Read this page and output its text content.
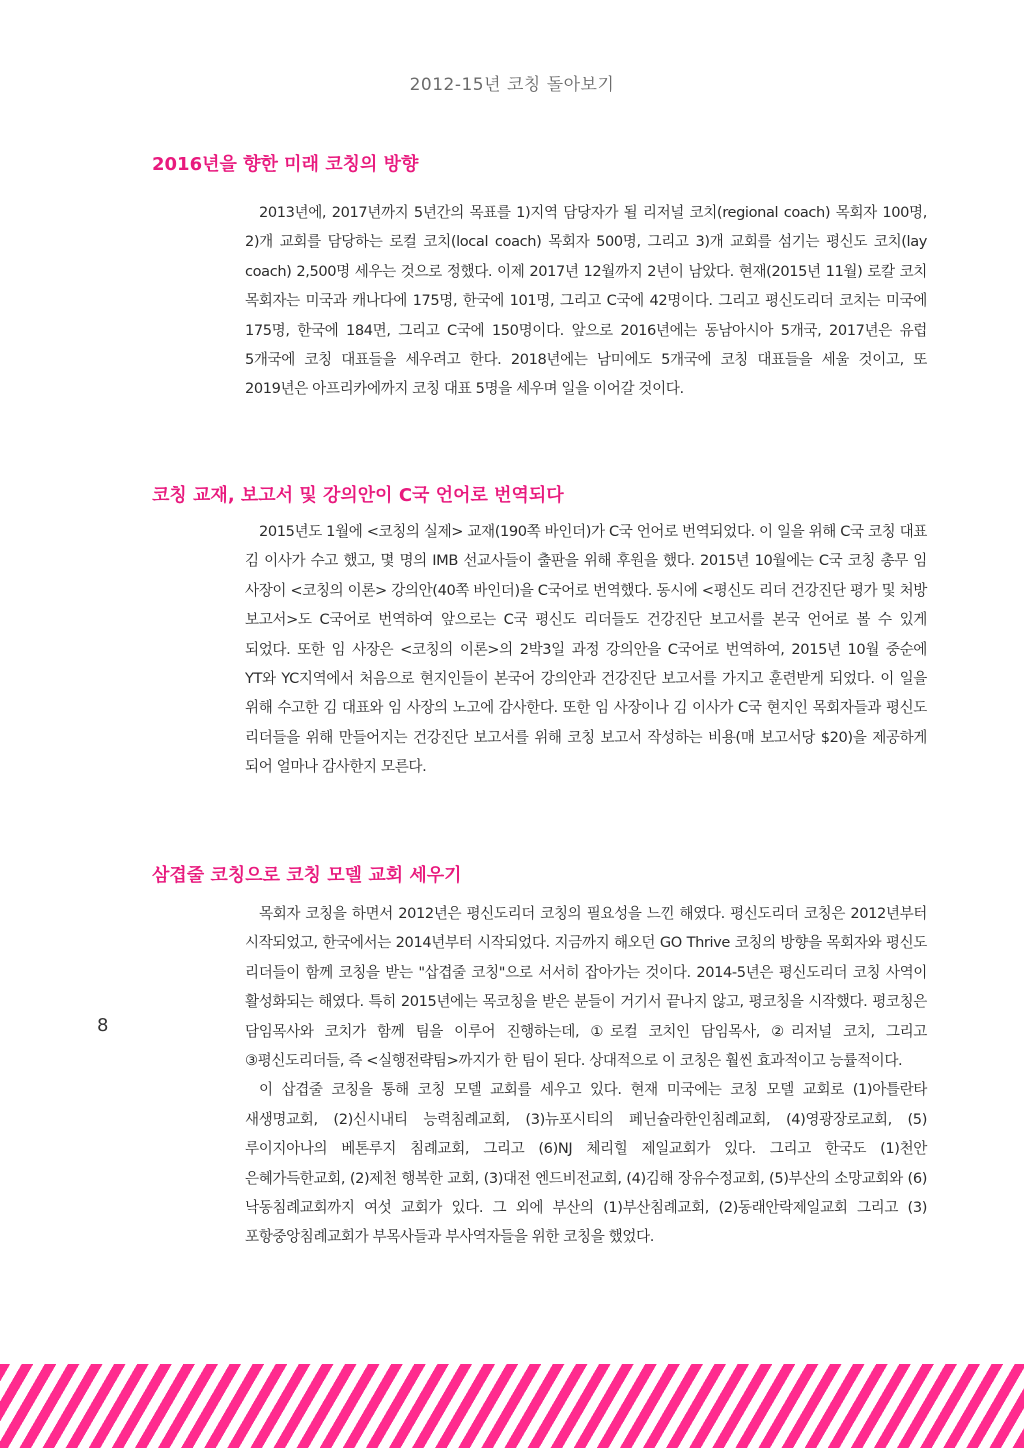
2012-15년 코칭 돌아보기
2016년을 향한 미래 코칭의 방향

2013년에, 2017년까지 5년간의 목표를 1)지역 담당자가 될 리저널 코치(regional coach) 목회자 100명, 2)개 교회를 담당하는 로컬 코치(local coach) 목회자 500명, 그리고 3)개 교회를 섬기는 평신도 코치(lay coach) 2,500명 세우는 것으로 정했다. 이제 2017년 12월까지 2년이 남았다. 현재(2015년 11월) 로칼 코치 목회자는 미국과 캐나다에 175명, 한국에 101명, 그리고 C국에 42명이다. 그리고 평신도리더 코치는 미국에 175명, 한국에 184면, 그리고 C국에 150명이다. 앞으로 2016년에는 동남아시아 5개국, 2017년은 유럽 5개국에 코칭 대표들을 세우려고 한다. 2018년에는 남미에도 5개국에 코칭 대표들을 세울 것이고, 또 2019년은 아프리카에까지 코칭 대표 5명을 세우며 일을 이어갈 것이다.

코칭 교재, 보고서 및 강의안이 C국 언어로 번역되다

2015년도 1월에 <코칭의 실제> 교재(190쪽 바인더)가 C국 언어로 번역되었다. 이 일을 위해 C국 코칭 대표 김 이사가 수고 했고, 몇 명의 IMB 선교사들이 출판을 위해 후원을 했다. 2015년 10월에는 C국 코칭 총무 임 사장이 <코칭의 이론> 강의안(40쪽 바인더)을 C국어로 번역했다. 동시에 <평신도 리더 건강진단 평가 및 처방 보고서>도 C국어로 번역하여 앞으로는 C국 평신도 리더들도 건강진단 보고서를 본국 언어로 볼 수 있게 되었다. 또한 임 사장은 <코칭의 이론>의 2박3일 과정 강의안을 C국어로 번역하여, 2015년 10월 중순에 YT와 YC지역에서 처음으로 현지인들이 본국어 강의안과 건강진단 보고서를 가지고 훈련받게 되었다. 이 일을 위해 수고한 김 대표와 임 사장의 노고에 감사한다. 또한 임 사장이나 김 이사가 C국 현지인 목회자들과 평신도 리더들을 위해 만들어지는 건강진단 보고서를 위해 코칭 보고서 작성하는 비용(매 보고서당 $20)을 제공하게 되어 얼마나 감사한지 모른다.

삼겹줄 코칭으로 코칭 모델 교회 세우기

목회자 코칭을 하면서 2012년은 평신도리더 코칭의 필요성을 느낀 해였다. 평신도리더 코칭은 2012년부터 시작되었고, 한국에서는 2014년부터 시작되었다. 지금까지 해오던 GO Thrive 코칭의 방향을 목회자와 평신도 리더들이 함께 코칭을 받는 "삽겹줄 코칭"으로 서서히 잡아가는 것이다. 2014-5년은 평신도리더 코칭 사역이 활성화되는 해였다. 특히 2015년에는 목코칭을 받은 분들이 거기서 끝나지 않고, 평코칭을 시작했다. 평코칭은 담임목사와 코치가 함께 팀을 이루어 진행하는데, ①로컬 코치인 담임목사, ②리저널 코치, 그리고 ③평신도리더들, 즉 <실행전략팀>까지가 한 팀이 된다. 상대적으로 이 코칭은 훨씬 효과적이고 능률적이다.

이 삽겹줄 코칭을 통해 코칭 모델 교회를 세우고 있다. 현재 미국에는 코칭 모델 교회로 (1)아틀란타 새생명교회, (2)신시내티 능력침례교회, (3)뉴포시티의 페닌슐라한인침례교회, (4)영광장로교회, (5)루이지아나의 베톤루지 침례교회, 그리고 (6)NJ 체리힐 제일교회가 있다. 그리고 한국도 (1)천안 은혜가득한교회, (2)제천 행복한 교회, (3)대전 엔드비전교회, (4)김해 장유수정교회, (5)부산의 소망교회와 (6)낙동침례교회까지 여섯 교회가 있다. 그 외에 부산의 (1)부산침례교회, (2)동래안락제일교회 그리고 (3)포항중앙침례교회가 부목사들과 부사역자들을 위한 코칭을 했었다.

8
